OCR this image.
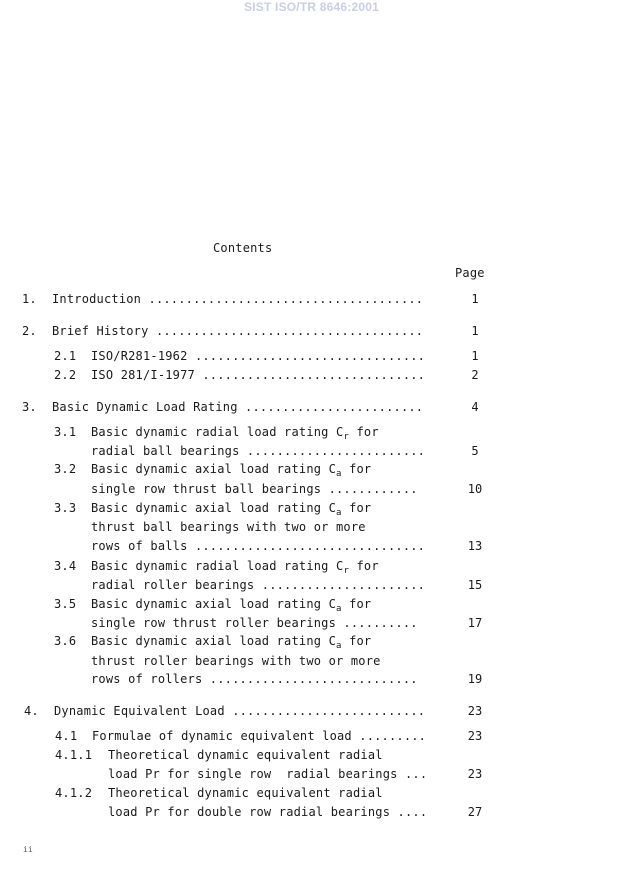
SIST ISO/TR 8646:2001
Contents
Page
1. Introduction .....................................	1
2. Brief History ....................................	1
2.1 ISO/R281-1962 ...............................	1
2.2 ISO 281/I-1977 ..............................	2
3. Basic Dynamic Load Rating ........................	4
3.1 Basic dynamic radial load rating $C_r$ for
radial ball bearings ........................	5
3.2 Basic dynamic axial load rating $C_a$ for
single row thrust ball bearings ............	10
3.3 Basic dynamic axial load rating $C_a$ for
thrust ball bearings with two or more
rows of balls ...............................	13
3.4 Basic dynamic radial load rating $C_r$ for
radial roller bearings ......................	15
3.5 Basic dynamic axial load rating $C_a$ for
single row thrust roller bearings ..........	17
3.6 Basic dynamic axial load rating $C_a$ for
thrust roller bearings with two or more
rows of rollers ............................	19
4. Dynamic Equivalent Load ..........................	23
4.1 Formulae of dynamic equivalent load .........	23
4.1.1 Theoretical dynamic equivalent radial
load Pr for single row  radial bearings ...	23
4.1.2 Theoretical dynamic equivalent radial
load Pr for double row radial bearings ....	27
ii
